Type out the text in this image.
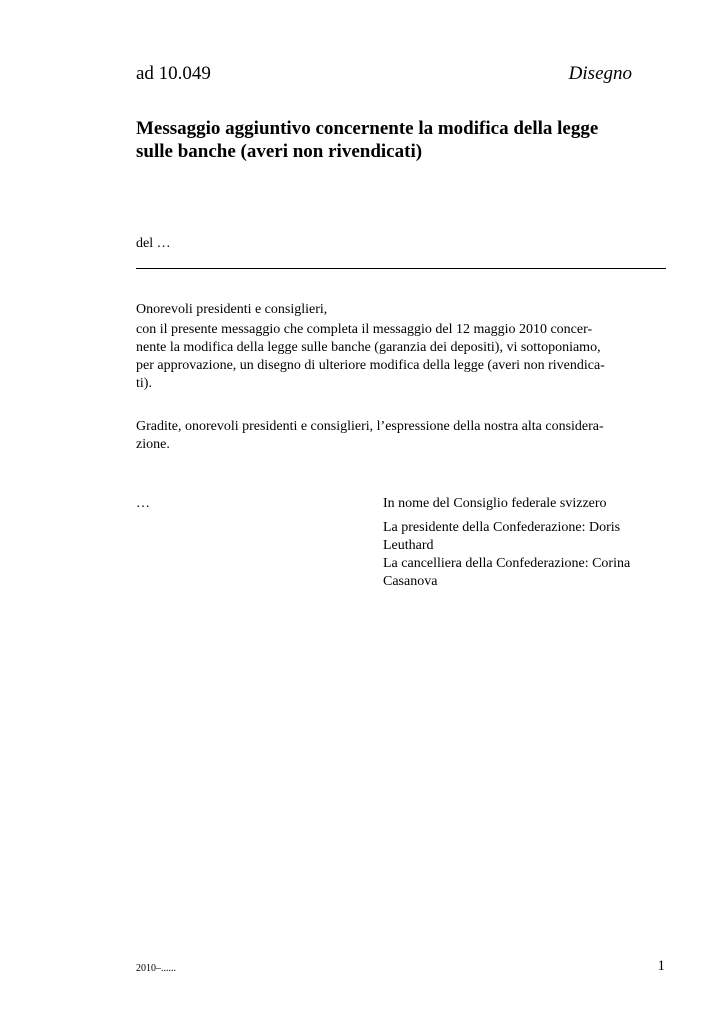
ad 10.049	Disegno
Messaggio aggiuntivo concernente la modifica della legge
sulle banche (averi non rivendicati)
del …
Onorevoli presidenti e consiglieri,
con il presente messaggio che completa il messaggio del 12 maggio 2010 concer-
nente la modifica della legge sulle banche (garanzia dei depositi), vi sottoponiamo,
per approvazione, un disegno di ulteriore modifica della legge (averi non rivendica-
ti).
Gradite, onorevoli presidenti e consiglieri, l’espressione della nostra alta considera-
zione.
…	In nome del Consiglio federale svizzero
La presidente della Confederazione: Doris
Leuthard
La cancelliera della Confederazione: Corina
Casanova
2010–......	1
